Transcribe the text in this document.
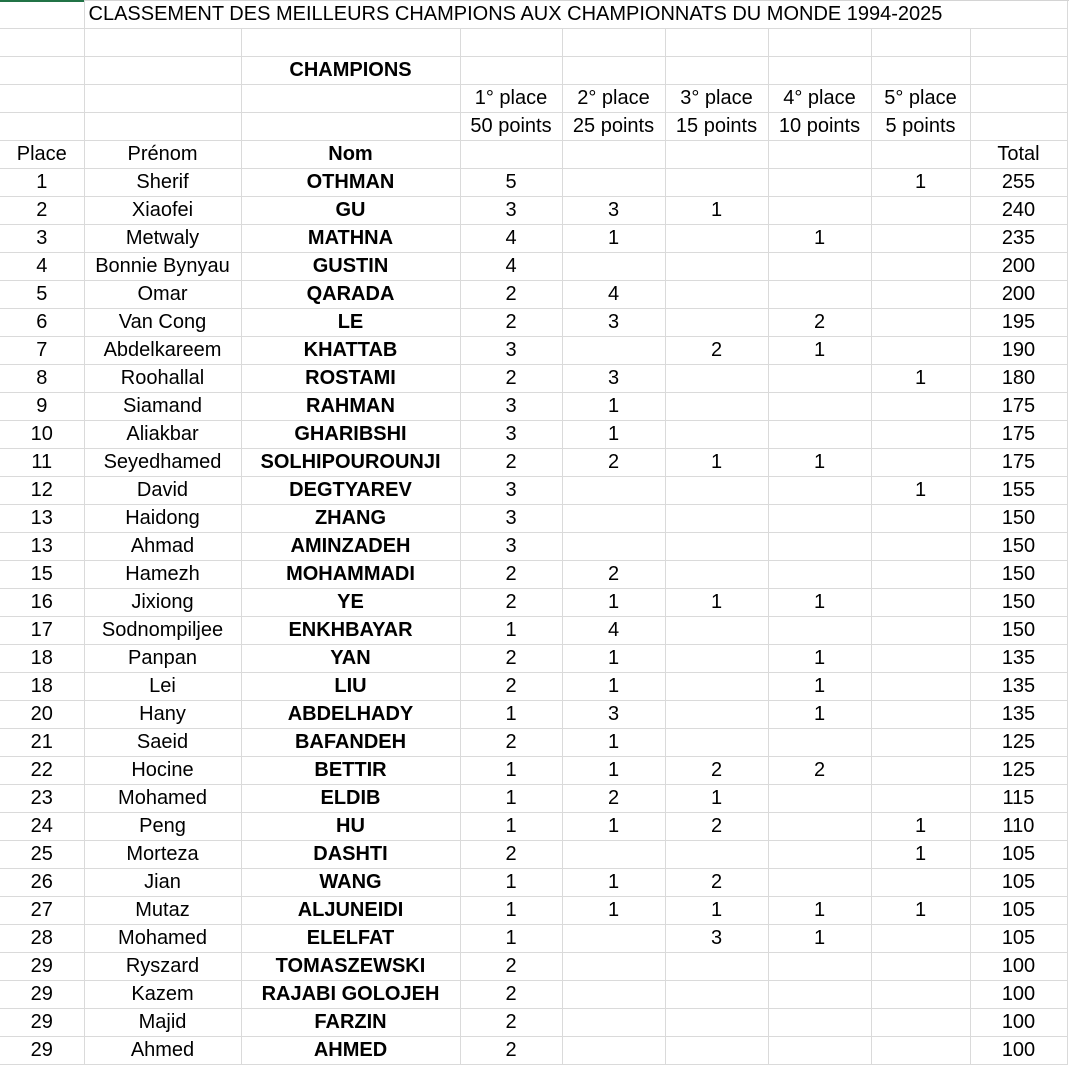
	CLASSEMENT DES MEILLEURS CHAMPIONS AUX CHAMPIONNATS DU MONDE 1994-2025							

		CHAMPIONS						
			1° place	2° place	3° place	4° place	5° place	
			50 points	25 points	15 points	10 points	5 points	
Place	Prénom	Nom						Total
1	Sherif	OTHMAN	5				1	255
2	Xiaofei	GU	3	3	1			240
3	Metwaly	MATHNA	4	1		1		235
4	Bonnie Bynyau	GUSTIN	4					200
5	Omar	QARADA	2	4				200
6	Van Cong	LE	2	3		2		195
7	Abdelkareem	KHATTAB	3		2	1		190
8	Roohallal	ROSTAMI	2	3			1	180
9	Siamand	RAHMAN	3	1				175
10	Aliakbar	GHARIBSHI	3	1				175
11	Seyedhamed	SOLHIPOUROUNJI	2	2	1	1		175
12	David	DEGTYAREV	3				1	155
13	Haidong	ZHANG	3					150
13	Ahmad	AMINZADEH	3					150
15	Hamezh	MOHAMMADI	2	2				150
16	Jixiong	YE	2	1	1	1		150
17	Sodnompiljee	ENKHBAYAR	1	4				150
18	Panpan	YAN	2	1		1		135
18	Lei	LIU	2	1		1		135
20	Hany	ABDELHADY	1	3		1		135
21	Saeid	BAFANDEH	2	1				125
22	Hocine	BETTIR	1	1	2	2		125
23	Mohamed	ELDIB	1	2	1			115
24	Peng	HU	1	1	2		1	110
25	Morteza	DASHTI	2				1	105
26	Jian	WANG	1	1	2			105
27	Mutaz	ALJUNEIDI	1	1	1	1	1	105
28	Mohamed	ELELFAT	1		3	1		105
29	Ryszard	TOMASZEWSKI	2					100
29	Kazem	RAJABI GOLOJEH	2					100
29	Majid	FARZIN	2					100
29	Ahmed	AHMED	2					100
